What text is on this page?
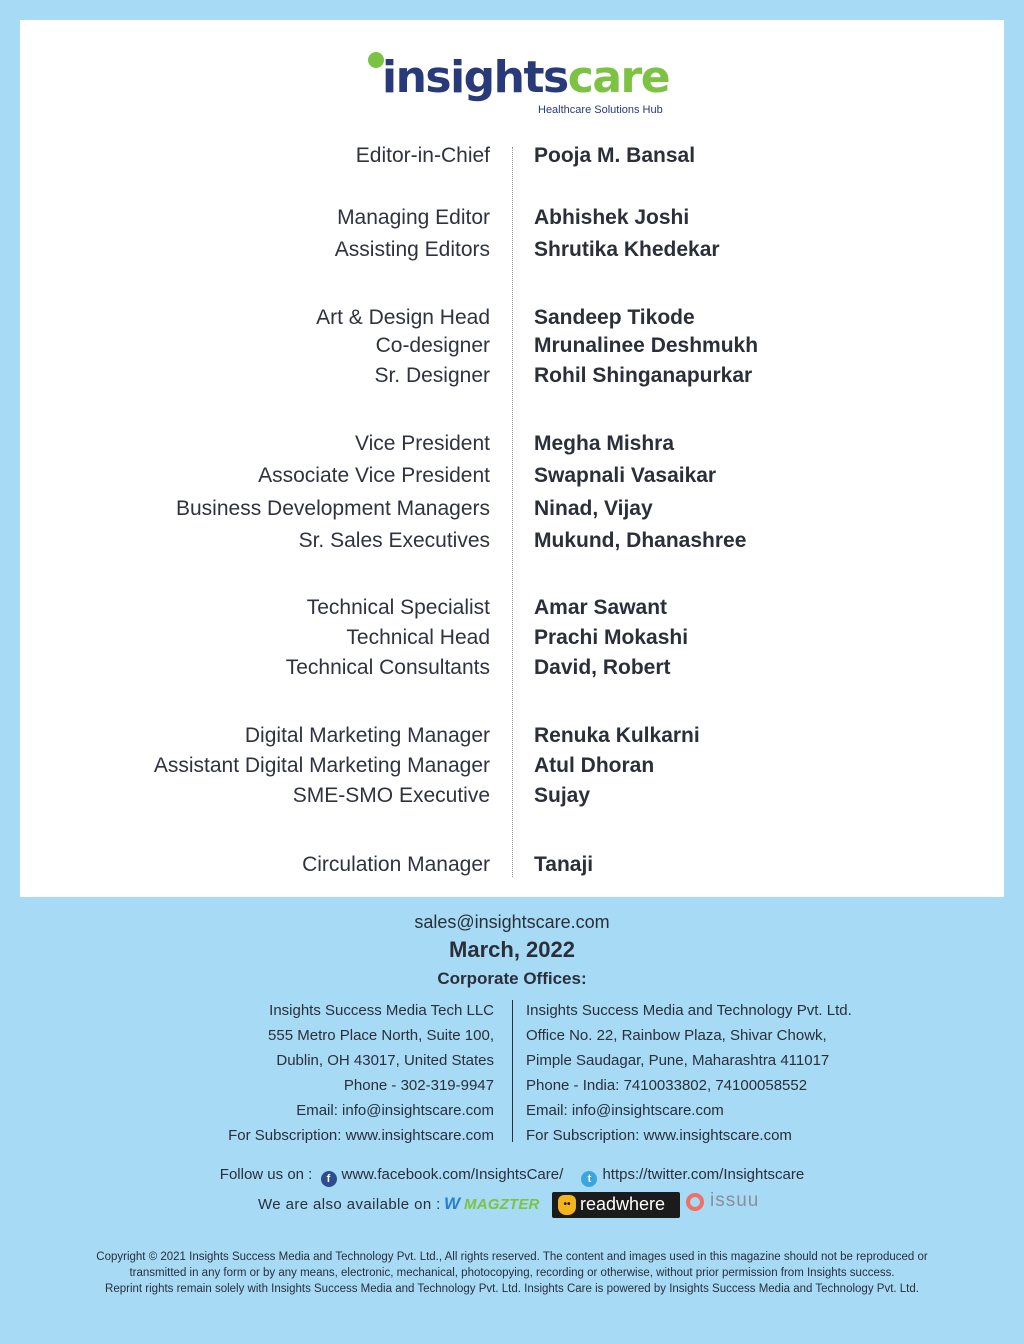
insightscare
Healthcare Solutions Hub
Editor-in-Chief Pooja M. Bansal
Managing Editor Abhishek Joshi
Assisting Editors Shrutika Khedekar
Art & Design Head Sandeep Tikode
Co-designer Mrunalinee Deshmukh
Sr. Designer Rohil Shinganapurkar
Vice President Megha Mishra
Associate Vice President Swapnali Vasaikar
Business Development Managers Ninad, Vijay
Sr. Sales Executives Mukund, Dhanashree
Technical Specialist Amar Sawant
Technical Head Prachi Mokashi
Technical Consultants David, Robert
Digital Marketing Manager Renuka Kulkarni
Assistant Digital Marketing Manager Atul Dhoran
SME-SMO Executive Sujay
Circulation Manager Tanaji
sales@insightscare.com
March, 2022
Corporate Offices:
Insights Success Media Tech LLC
555 Metro Place North, Suite 100,
Dublin, OH 43017, United States
Phone - 302-319-9947
Email: info@insightscare.com
For Subscription: www.insightscare.com
Insights Success Media and Technology Pvt. Ltd.
Office No. 22, Rainbow Plaza, Shivar Chowk,
Pimple Saudagar, Pune, Maharashtra 411017
Phone - India: 7410033802, 74100058552
Email: info@insightscare.com
For Subscription: www.insightscare.com
Follow us on : f www.facebook.com/InsightsCare/ t https://twitter.com/Insightscare
We are also available on : W MAGZTER	•• readwhere issuu
Copyright © 2021 Insights Success Media and Technology Pvt. Ltd., All rights reserved. The content and images used in this magazine should not be reproduced or
transmitted in any form or by any means, electronic, mechanical, photocopying, recording or otherwise, without prior permission from Insights success.
Reprint rights remain solely with Insights Success Media and Technology Pvt. Ltd. Insights Care is powered by Insights Success Media and Technology Pvt. Ltd.
